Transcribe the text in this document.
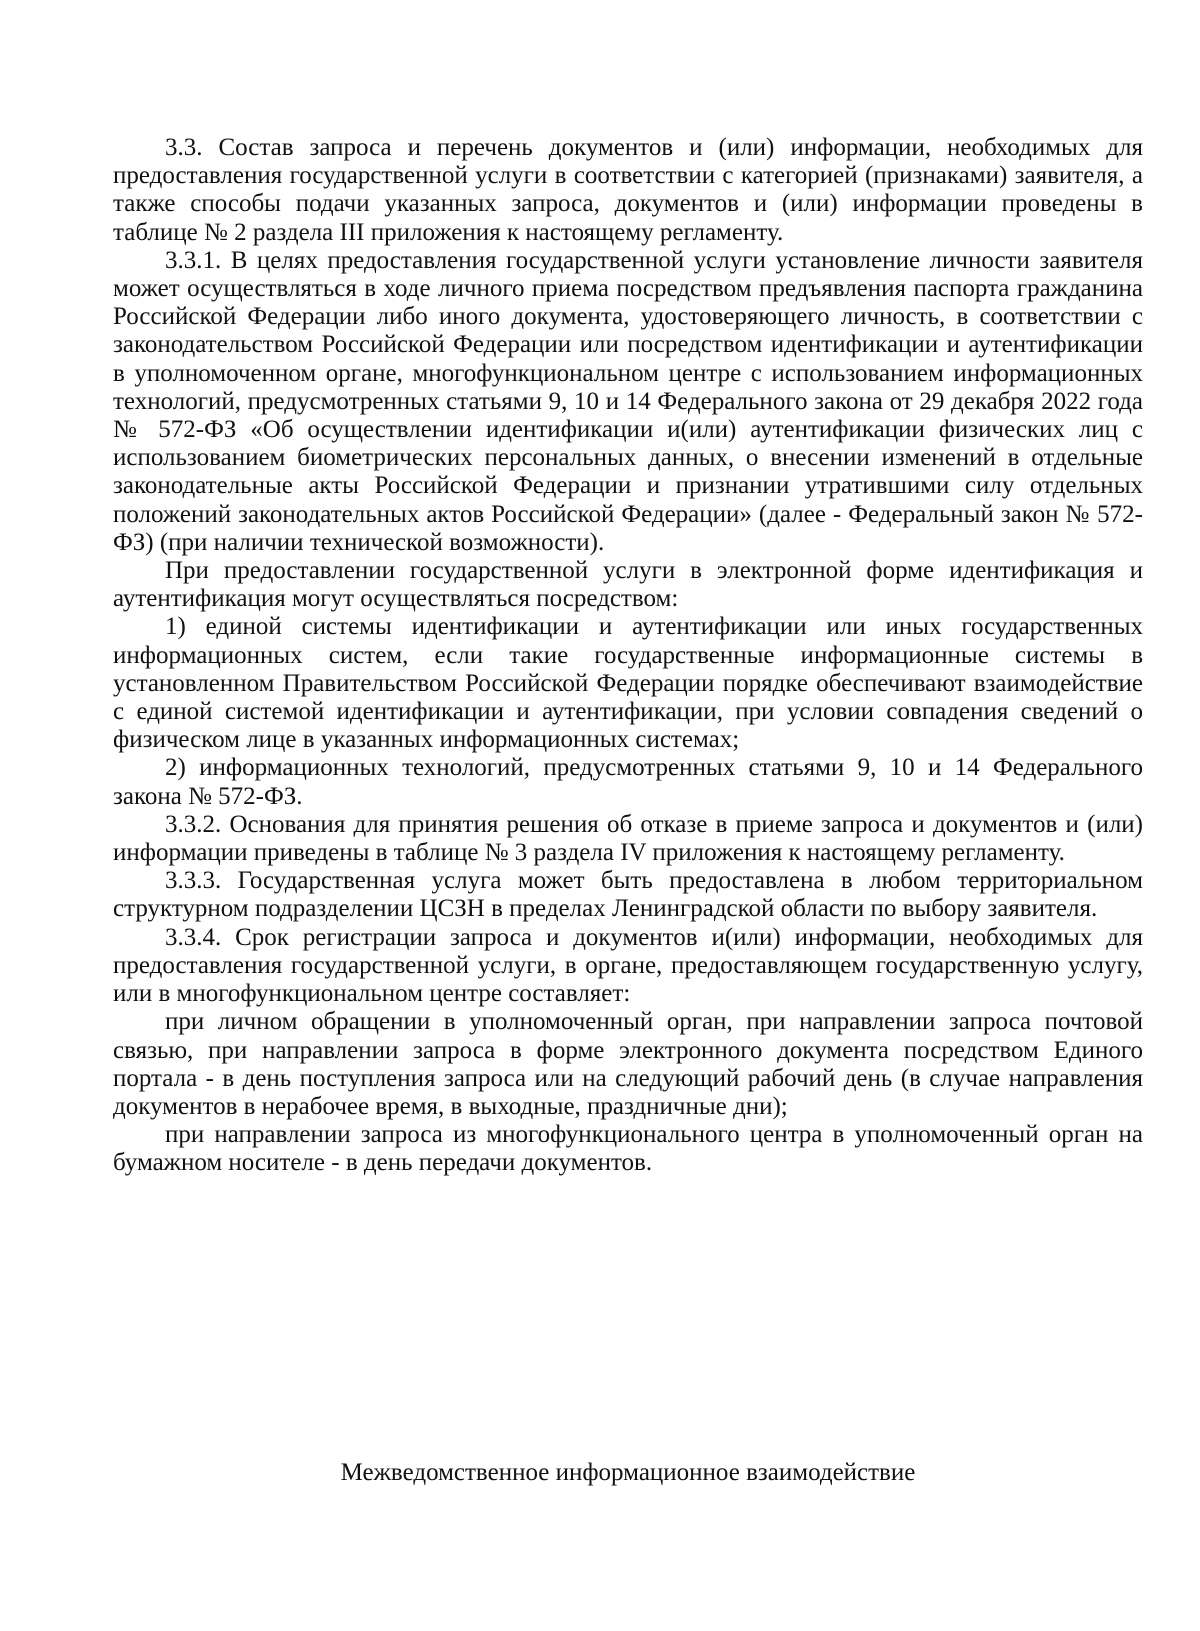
3.3. Состав запроса и перечень документов и (или) информации, необходимых для предоставления государственной услуги в соответствии с категорией (признаками) заявителя, а также способы подачи указанных запроса, документов и (или) информации проведены в таблице № 2 раздела III приложения к настоящему регламенту.

3.3.1. В целях предоставления государственной услуги установление личности заявителя может осуществляться в ходе личного приема посредством предъявления паспорта гражданина Российской Федерации либо иного документа, удостоверяющего личность, в соответствии с законодательством Российской Федерации или посредством идентификации и аутентификации в уполномоченном органе, многофункциональном центре с использованием информационных технологий, предусмотренных статьями 9, 10 и 14 Федерального закона от 29 декабря 2022 года № 572-ФЗ «Об осуществлении идентификации и(или) аутентификации физических лиц с использованием биометрических персональных данных, о внесении изменений в отдельные законодательные акты Российской Федерации и признании утратившими силу отдельных положений законодательных актов Российской Федерации» (далее - Федеральный закон № 572-ФЗ) (при наличии технической возможности).

При предоставлении государственной услуги в электронной форме идентификация и аутентификация могут осуществляться посредством:

1) единой системы идентификации и аутентификации или иных государственных информационных систем, если такие государственные информационные системы в установленном Правительством Российской Федерации порядке обеспечивают взаимодействие с единой системой идентификации и аутентификации, при условии совпадения сведений о физическом лице в указанных информационных системах;

2) информационных технологий, предусмотренных статьями 9, 10 и 14 Федерального закона № 572-ФЗ.

3.3.2. Основания для принятия решения об отказе в приеме запроса и документов и (или) информации приведены в таблице № 3 раздела IV приложения к настоящему регламенту.

3.3.3. Государственная услуга может быть предоставлена в любом территориальном структурном подразделении ЦСЗН в пределах Ленинградской области по выбору заявителя.

3.3.4. Срок регистрации запроса и документов и(или) информации, необходимых для предоставления государственной услуги, в органе, предоставляющем государственную услугу, или в многофункциональном центре составляет:

при личном обращении в уполномоченный орган, при направлении запроса почтовой связью, при направлении запроса в форме электронного документа посредством Единого портала - в день поступления запроса или на следующий рабочий день (в случае направления документов в нерабочее время, в выходные, праздничные дни);

при направлении запроса из многофункционального центра в уполномоченный орган на бумажном носителе - в день передачи документов.

Межведомственное информационное взаимодействие
